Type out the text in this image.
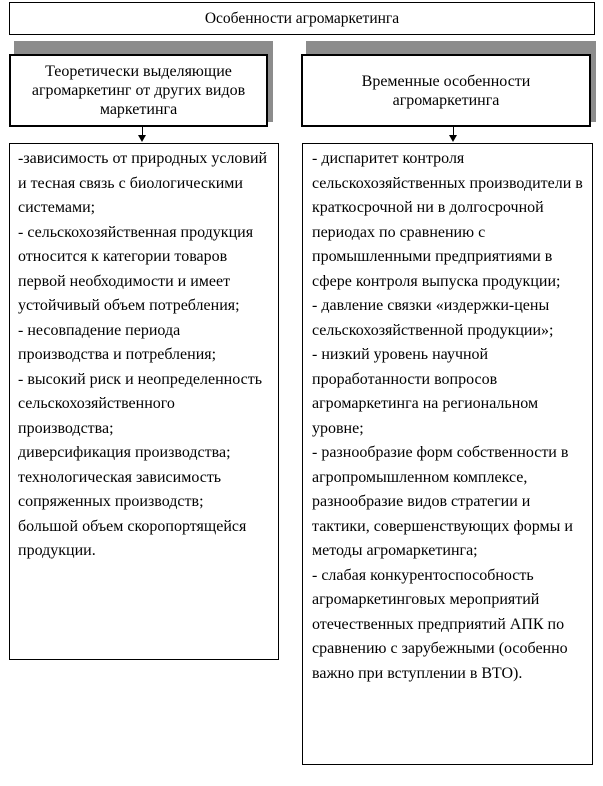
Особенности агромаркетинга
Теоретически выделяющие агромаркетинг от других видов маркетинга
Временные особенности агромаркетинга
-зависимость от природных условий и тесная связь с биологическими системами;
- сельскохозяйственная продукция относится к категории товаров первой необходимости и имеет устойчивый объем потребления;
- несовпадение периода производства и потребления;
- высокий риск и неопределенность сельскохозяйственного производства;
диверсификация производства;
технологическая зависимость сопряженных производств;
большой объем скоропортящейся продукции.
- диспаритет контроля сельскохозяйственных производители в краткосрочной ни в долгосрочной периодах по сравнению с промышленными предприятиями в сфере контроля выпуска продукции;
- давление связки «издержки-цены сельскохозяйственной продукции»;
- низкий уровень научной проработанности вопросов агромаркетинга на региональном уровне;
- разнообразие форм собственности в агропромышленном комплексе, разнообразие видов стратегии и тактики, совершенствующих формы и методы агромаркетинга;
- слабая конкурентоспособность агромаркетинговых мероприятий отечественных предприятий АПК по сравнению с зарубежными (особенно важно при вступлении в ВТО).
